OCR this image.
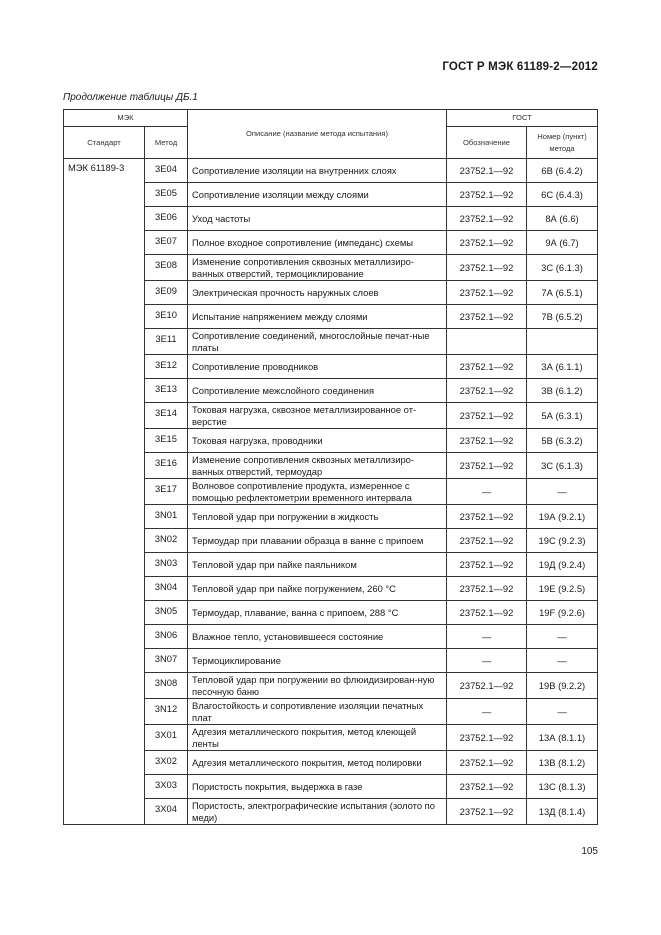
ГОСТ Р МЭК 61189-2—2012
Продолжение таблицы ДБ.1
МЭК		Описание (название метода испытания)	ГОСТ	
Стандарт	Метод		Обозначение	Номер (пункт) метода
МЭК 61189-3	3E04	Сопротивление изоляции на внутренних слоях	23752.1—92	6В (6.4.2)
	3E05	Сопротивление изоляции между слоями	23752.1—92	6С (6.4.3)
	3E06	Уход частоты	23752.1—92	8А (6.6)
	3E07	Полное входное сопротивление (импеданс) схемы	23752.1—92	9А (6.7)
	3E08	Изменение сопротивления сквозных металлизиро-ванных отверстий, термоциклирование	23752.1—92	3С (6.1.3)
	3E09	Электрическая прочность наружных слоев	23752.1—92	7А (6.5.1)
	3E10	Испытание напряжением между слоями	23752.1—92	7В (6.5.2)
	3E11	Сопротивление соединений, многослойные печат-ные платы		
	3E12	Сопротивление проводников	23752.1—92	3А (6.1.1)
	3E13	Сопротивление межслойного соединения	23752.1—92	3В (6.1.2)
	3E14	Токовая нагрузка, сквозное металлизированное от-верстие	23752.1—92	5А (6.3.1)
	3E15	Токовая нагрузка, проводники	23752.1—92	5В (6.3.2)
	3E16	Изменение сопротивления сквозных металлизиро-ванных отверстий, термоудар	23752.1—92	3С (6.1.3)
	3E17	Волновое сопротивление продукта, измеренное с помощью рефлектометрии временного интервала	—	—
	3N01	Тепловой удар при погружении в жидкость	23752.1—92	19А (9.2.1)
	3N02	Термоудар при плавании образца в ванне с припоем	23752.1—92	19С (9.2.3)
	3N03	Тепловой удар при пайке паяльником	23752.1—92	19Д (9.2.4)
	3N04	Тепловой удар при пайке погружением, 260 °С	23752.1—92	19Е (9.2.5)
	3N05	Термоудар, плавание, ванна с припоем, 288 °С	23752.1—92	19F (9.2.6)
	3N06	Влажное тепло, установившееся состояние	—	—
	3N07	Термоциклирование	—	—
	3N08	Тепловой удар при погружении во флюидизирован-ную песочную баню	23752.1—92	19В (9.2.2)
	3N12	Влагостойкость и сопротивление изоляции печатных плат	—	—
	3X01	Адгезия металлического покрытия, метод клеющей ленты	23752.1—92	13А (8.1.1)
	3X02	Адгезия металлического покрытия, метод полировки	23752.1—92	13В (8.1.2)
	3X03	Пористость покрытия, выдержка в газе	23752.1—92	13С (8.1.3)
	3X04	Пористость, электрографические испытания (золото по меди)	23752.1—92	13Д (8.1.4)
105
